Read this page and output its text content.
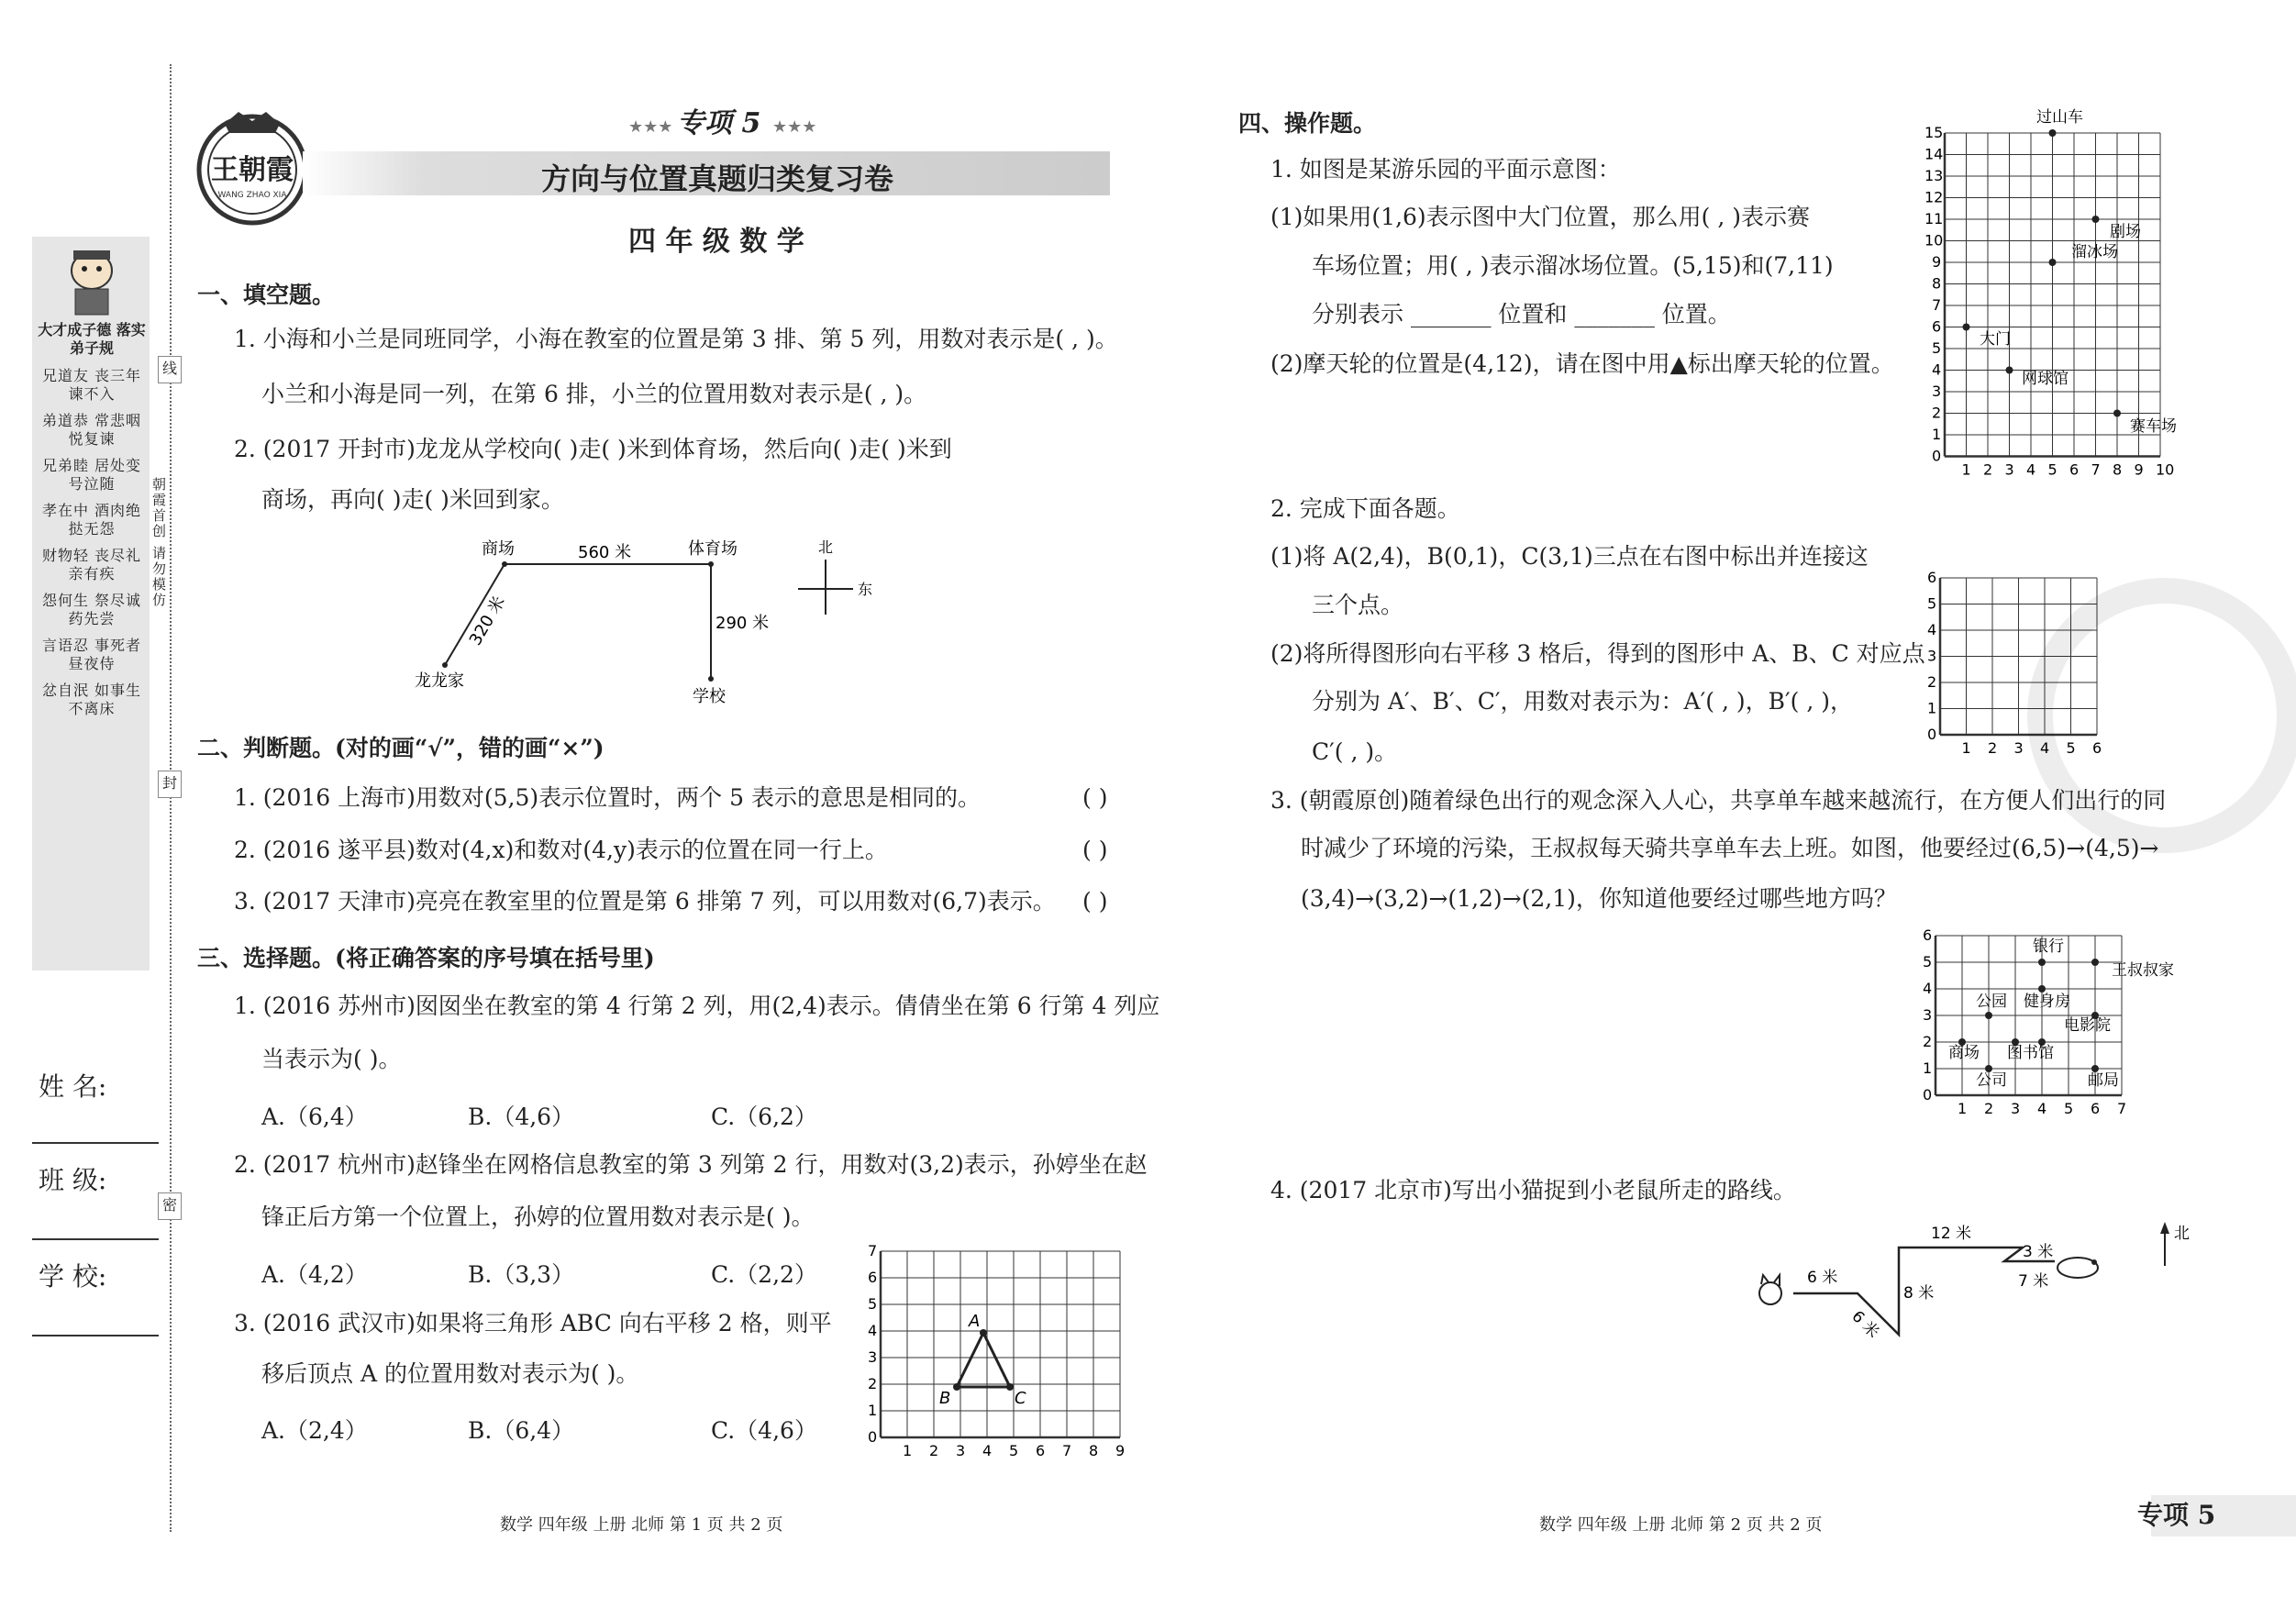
大才成子德 落实弟子规
兄道友 丧三年 谏不入
弟道恭 常悲咽 悦复谏
兄弟睦 居处变 号泣随
孝在中 酒肉绝 挞无怨
财物轻 丧尽礼 亲有疾
怨何生 祭尽诚 药先尝
言语忍 事死者 昼夜侍
忿自泯 如事生 不离床
朝霞首创 请勿模仿
姓 名:
班 级:
学 校:
线
封
密
王朝霞
WANG ZHAO XIA
★★★ 专项 5 ★★★
方向与位置真题归类复习卷
四 年 级 数 学
一、填空题。
1. 小海和小兰是同班同学，小海在教室的位置是第 3 排、第 5 列，用数对表示是( , )。
小兰和小海是同一列，在第 6 排，小兰的位置用数对表示是( , )。
2. (2017 开封市)龙龙从学校向( )走( )米到体育场，然后向( )走( )米到
商场，再向( )走( )米回到家。
商场	体育场
560 米
290 米
320 米
龙龙家
学校
北
东
二、判断题。(对的画“√”，错的画“×”)
1. (2016 上海市)用数对(5,5)表示位置时，两个 5 表示的意思是相同的。	( )
2. (2016 遂平县)数对(4,x)和数对(4,y)表示的位置在同一行上。	( )
3. (2017 天津市)亮亮在教室里的位置是第 6 排第 7 列，可以用数对(6,7)表示。 ( )
三、选择题。(将正确答案的序号填在括号里)
1. (2016 苏州市)囡囡坐在教室的第 4 行第 2 列，用(2,4)表示。倩倩坐在第 6 行第 4 列应
当表示为( )。
A.（6,4）	B.（4,6）	C.（6,2）
2. (2017 杭州市)赵锋坐在网格信息教室的第 3 列第 2 行，用数对(3,2)表示，孙婷坐在赵
锋正后方第一个位置上，孙婷的位置用数对表示是( )。
A.（4,2）	B.（3,3）	C.（2,2）
3. (2016 武汉市)如果将三角形 ABC 向右平移 2 格，则平
移后顶点 A 的位置用数对表示为( )。
A.（2,4）	B.（6,4）	C.（4,6）
1 2 3 4 5 6 7 8 9
7
6
5
4
3
2
1
0
A
B	C
数学 四年级 上册 北师 第 1 页 共 2 页
四、操作题。
1. 如图是某游乐园的平面示意图：
(1)如果用(1,6)表示图中大门位置，那么用( , )表示赛
车场位置；用( , )表示溜冰场位置。(5,15)和(7,11)
分别表示 _______ 位置和 _______ 位置。
(2)摩天轮的位置是(4,12)，请在图中用▲标出摩天轮的位置。
1 2 3 4 5 6 7 8 9 10
15
14
13
12
11
10
9
8
7
6
5
4
3
2
1
0
过山车
剧场
溜冰场
大门
网球馆
赛车场
2. 完成下面各题。
(1)将 A(2,4)，B(0,1)，C(3,1)三点在右图中标出并连接这
三个点。
(2)将所得图形向右平移 3 格后，得到的图形中 A、B、C 对应点
分别为 A′、B′、C′，用数对表示为：A′( , )，B′( , )，
C′( , )。	1 2 3 4 5 6
6
5
4
3
2
1
0
3. (朝霞原创)随着绿色出行的观念深入人心，共享单车越来越流行，在方便人们出行的同
时减少了环境的污染，王叔叔每天骑共享单车去上班。如图，他要经过(6,5)→(4,5)→
(3,4)→(3,2)→(1,2)→(2,1)，你知道他要经过哪些地方吗？
1 2 3 4 5 6 7
6
5
4
3
2
1
0
银行
王叔叔家
公园 健身房
电影院
商场 图书馆
公司	邮局
4. (2017 北京市)写出小猫捉到小老鼠所走的路线。
6 米
6 米
8 米
12 米
3 米
7 米
北
数学 四年级 上册 北师 第 2 页 共 2 页	专项 5
